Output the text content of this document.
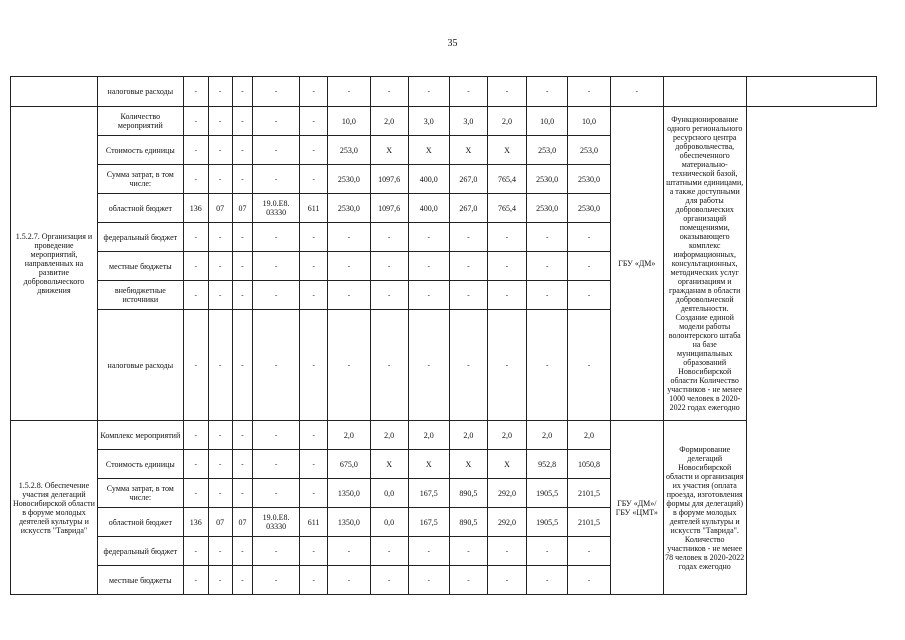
35
	налоговые расходы	-	-	-	-	-	-	-	-	-	-	-	-	-		
1.5.2.7. Организация и проведение мероприятий, направленных на развитие добровольческого движения	Количество мероприятий	-	-	-	-	-	10,0	2,0	3,0	3,0	2,0	10,0	10,0	ГБУ «ДМ»	Функционирование одного регионального ресурсного центра добровольчества, обеспеченного материально-технической базой, штатными единицами, а также доступными для работы добровольческих организаций помещениями, оказывающего комплекс информационных, консультационных, методических услуг организациям и гражданам в области добровольческой деятельности. Создание единой модели работы волонтерского штаба на базе муниципальных образований Новосибирской области Количество участников - не менее 1000 человек в 2020-2022 годах ежегодно	
	Стоимость единицы	-	-	-	-	-	253,0	X	X	X	X	253,0	253,0			
	Сумма затрат, в том числе:	-	-	-	-	-	2530,0	1097,6	400,0	267,0	765,4	2530,0	2530,0			
	областной бюджет	136	07	07	19.0.E8. 03330	611	2530,0	1097,6	400,0	267,0	765,4	2530,0	2530,0			
	федеральный бюджет	-	-	-	-	-	-	-	-	-	-	-	-			
	местные бюджеты	-	-	-	-	-	-	-	-	-	-	-	-			
	внебюджетные источники	-	-	-	-	-	-	-	-	-	-	-	-			
	налоговые расходы	-	-	-	-	-	-	-	-	-	-	-	-			
1.5.2.8. Обеспечение участия делегаций Новосибирской области в форуме молодых деятелей культуры и искусств "Таврида"	Комплекс мероприятий	-	-	-	-	-	2,0	2,0	2,0	2,0	2,0	2,0	2,0	ГБУ «ДМ»/ГБУ «ЦМТ»	Формирование делегаций Новосибирской области и организация их участия (оплата проезда, изготовления формы для делегаций) в форуме молодых деятелей культуры и искусств "Таврида". Количество участников - не менее 78 человек в 2020-2022 годах ежегодно	
	Стоимость единицы	-	-	-	-	-	675,0	X	X	X	X	952,8	1050,8			
	Сумма затрат, в том числе:	-	-	-	-	-	1350,0	0,0	167,5	890,5	292,0	1905,5	2101,5			
	областной бюджет	136	07	07	19.0.E8. 03330	611	1350,0	0,0	167,5	890,5	292,0	1905,5	2101,5			
	федеральный бюджет	-	-	-	-	-	-	-	-	-	-	-	-			
	местные бюджеты	-	-	-	-	-	-	-	-	-	-	-	-			
